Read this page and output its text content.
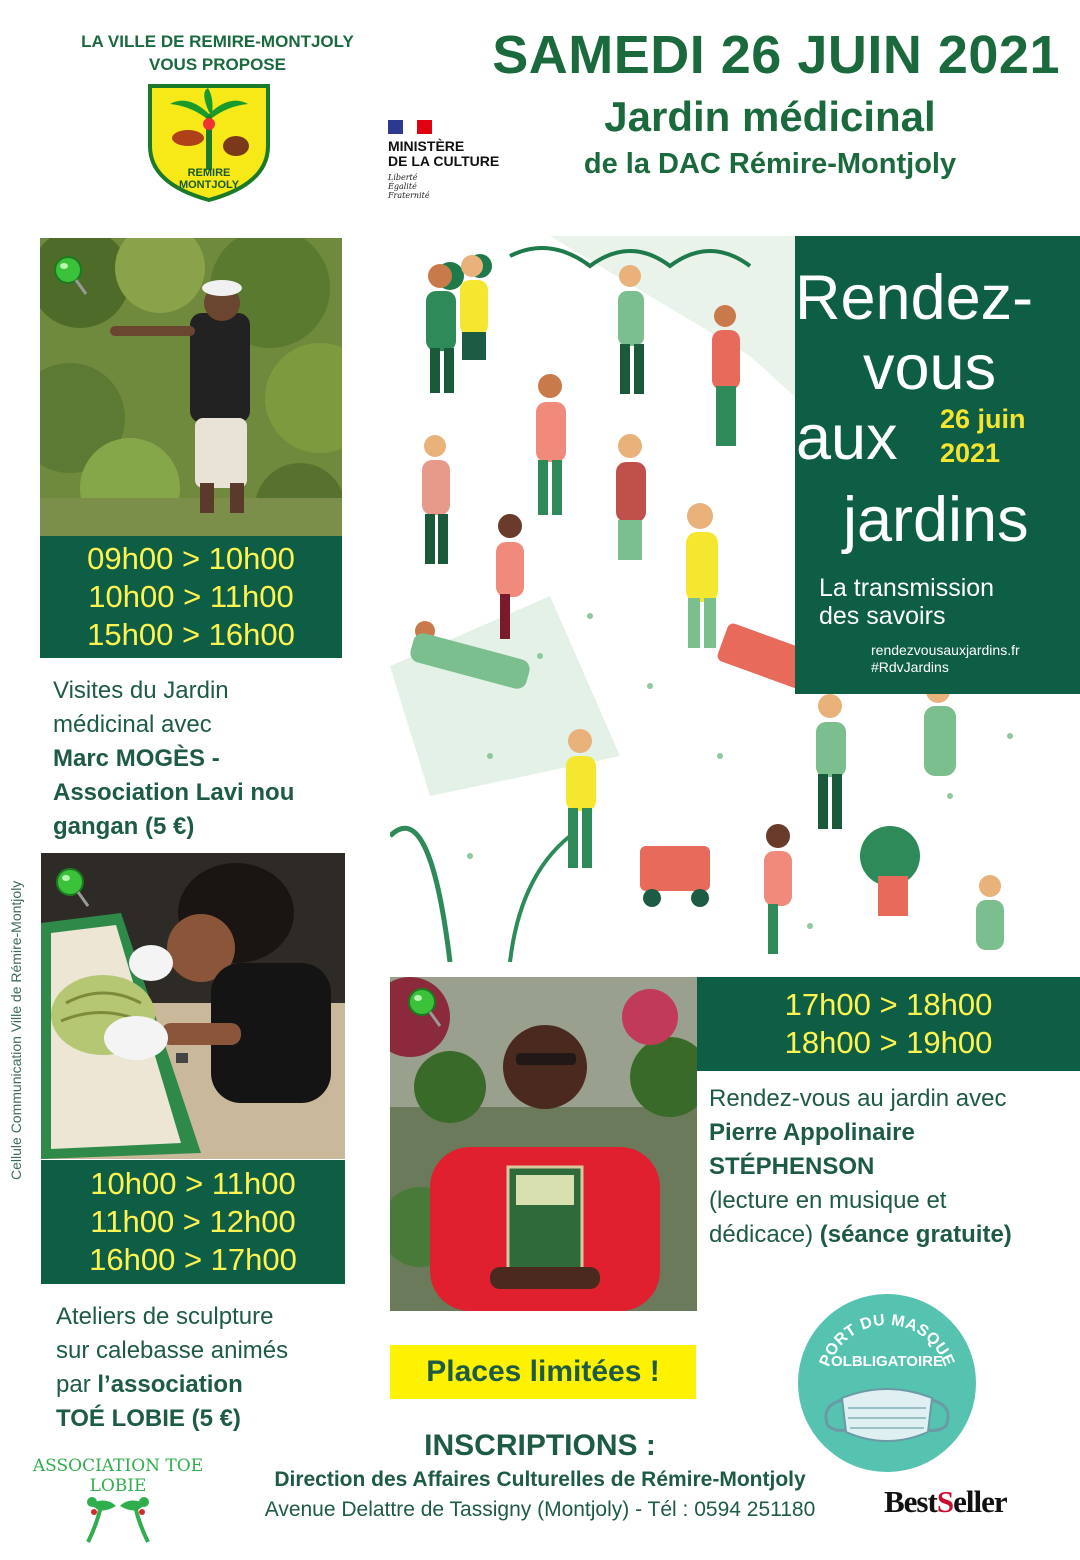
LA VILLE DE REMIRE-MONTJOLY
VOUS PROPOSE
REMIRE
MONTJOLY
MINISTÈRE
DE LA CULTURE
Liberté
Égalité
Fraternité
SAMEDI 26 JUIN 2021
Jardin médicinal
de la DAC Rémire-Montjoly
09h00 > 10h00
10h00 > 11h00
15h00 > 16h00
Visites du Jardin
médicinal avec
Marc MOGÈS -
Association Lavi nou
gangan (5 €)
10h00 > 11h00
11h00 > 12h00
16h00 > 17h00
Ateliers de sculpture
sur calebasse animés
par l’association
TOÉ LOBIE (5 €)
Rendez-
vous
26 juin
2021
jardins
La transmission
des savoirs
rendezvousauxjardins.fr
#RdvJardins
aux
17h00 > 18h00
18h00 > 19h00
Rendez-vous au jardin avec
Pierre Appolinaire
STÉPHENSON
(lecture en musique et
dédicace) (séance gratuite)
Cellule Communication Ville de Rémire-Montjoly
Places limitées !	PORT DU MASQUE
OLBLIGATOIRE
INSCRIPTIONS :
Direction des Affaires Culturelles de Rémire-Montjoly
Avenue Delattre de Tassigny (Montjoly) - Tél : 0594 251180
ASSOCIATION TOE LOBIE	BestSeller
